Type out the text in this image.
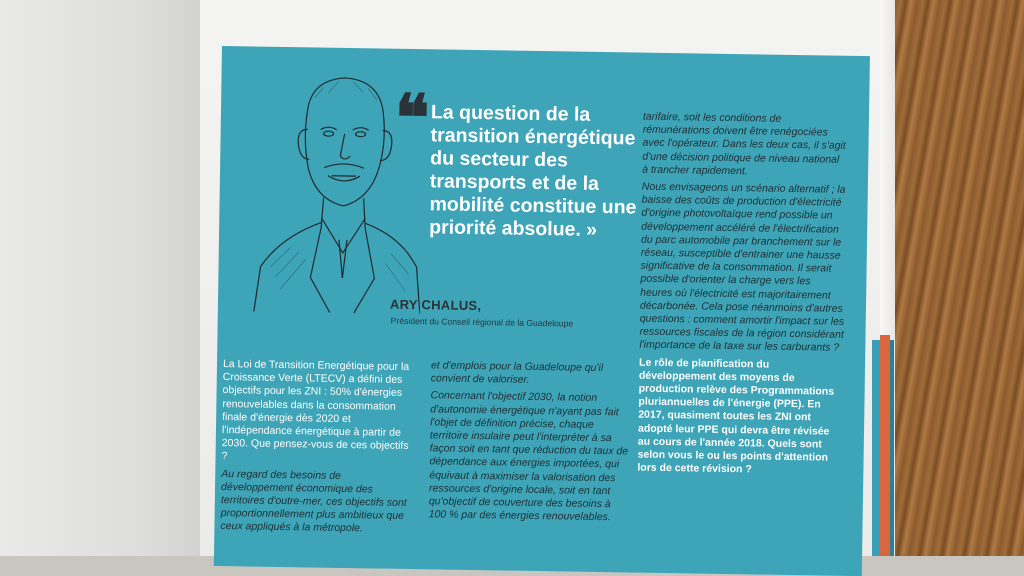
❝ La question de la transition énergétique du secteur des transports et de la mobilité constitue une priorité absolue. »
ARY CHALUS,
Président du Conseil régional de la Guadeloupe

La Loi de Transition Energétique pour la Croissance Verte (LTECV) a défini des objectifs pour les ZNI : 50% d'énergies renouvelables dans la consommation finale d'énergie dès 2020 et l'indépendance énergétique à partir de 2030. Que pensez-vous de ces objectifs ?

Au regard des besoins de développement économique des territoires d'outre-mer, ces objectifs sont proportionnellement plus ambitieux que ceux appliqués à la métropole.

et d'emplois pour la Guadeloupe qu'il convient de valoriser.

Concernant l'objectif 2030, la notion d'autonomie énergétique n'ayant pas fait l'objet de définition précise, chaque territoire insulaire peut l'interpréter à sa façon soit en tant que réduction du taux de dépendance aux énergies importées, qui équivaut à maximiser la valorisation des ressources d'origine locale, soit en tant qu'objectif de couverture des besoins à 100 % par des énergies renouvelables.

tarifaire, soit les conditions de rémunérations doivent être renégociées avec l'opérateur. Dans les deux cas, il s'agit d'une décision politique de niveau national à trancher rapidement.

Nous envisageons un scénario alternatif ; la baisse des coûts de production d'électricité d'origine photovoltaïque rend possible un développement accéléré de l'électrification du parc automobile par branchement sur le réseau, susceptible d'entrainer une hausse significative de la consommation. Il serait possible d'orienter la charge vers les heures où l'électricité est majoritairement décarbonée. Cela pose néanmoins d'autres questions : comment amortir l'impact sur les ressources fiscales de la région considérant l'importance de la taxe sur les carburants ?

Le rôle de planification du développement des moyens de production relève des Programmations pluriannuelles de l'énergie (PPE). En 2017, quasiment toutes les ZNI ont adopté leur PPE qui devra être révisée au cours de l'année 2018. Quels sont selon vous le ou les points d'attention lors de cette révision ?
